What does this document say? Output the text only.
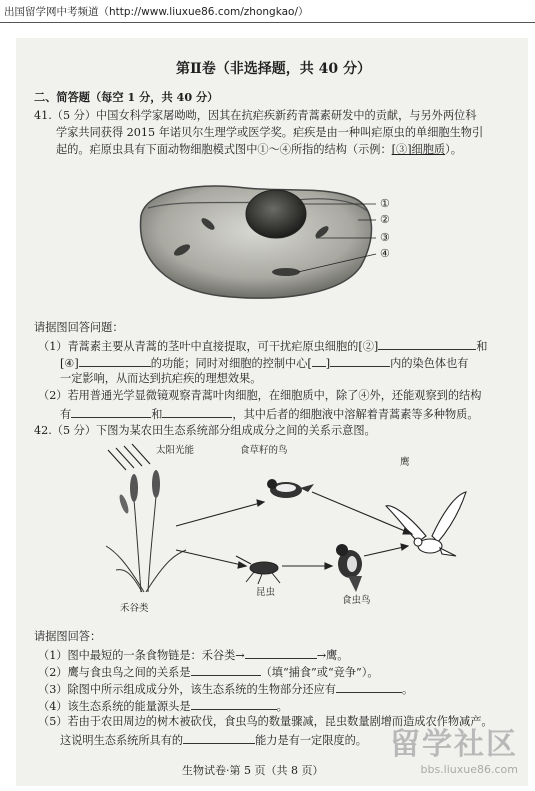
出国留学网中考频道（http://www.liuxue86.com/zhongkao/）
第Ⅱ卷（非选择题，共 40 分）
二、简答题（每空 1 分，共 40 分）
41.（5 分）中国女科学家屠呦呦，因其在抗疟疾新药青蒿素研发中的贡献，与另外两位科
学家共同获得 2015 年诺贝尔生理学或医学奖。疟疾是由一种叫疟原虫的单细胞生物引
起的。疟原虫具有下面动物细胞模式图中①～④所指的结构（示例：[③]细胞质）。
①
②
③
④
请据图回答问题：
（1）青蒿素主要从青蒿的茎叶中直接提取，可干扰疟原虫细胞的[②]	和
[④]	的功能；同时对细胞的控制中心[ ]	内的染色体也有
一定影响，从而达到抗疟疾的理想效果。
（2）若用普通光学显微镜观察青蒿叶肉细胞，在细胞质中，除了④外，还能观察到的结构
有	和	，其中后者的细胞液中溶解着青蒿素等多种物质。
42.（5 分）下图为某农田生态系统部分组成成分之间的关系示意图。
太阳光能	食草籽的鸟
鹰
禾谷类
昆虫
食虫鸟
请据图回答：
（1）图中最短的一条食物链是：禾谷类→	→鹰。
（2）鹰与食虫鸟之间的关系是	（填“捕食”或“竞争”）。
（3）除图中所示组成成分外，该生态系统的生物部分还应有	。
（4）该生态系统的能量源头是	。
（5）若由于农田周边的树木被砍伐，食虫鸟的数量骤减，昆虫数量剧增而造成农作物减产。
这说明生态系统所具有的	能力是有一定限度的。
生物试卷·第 5 页（共 8 页）
留学社区
bbs.liuxue86.com
